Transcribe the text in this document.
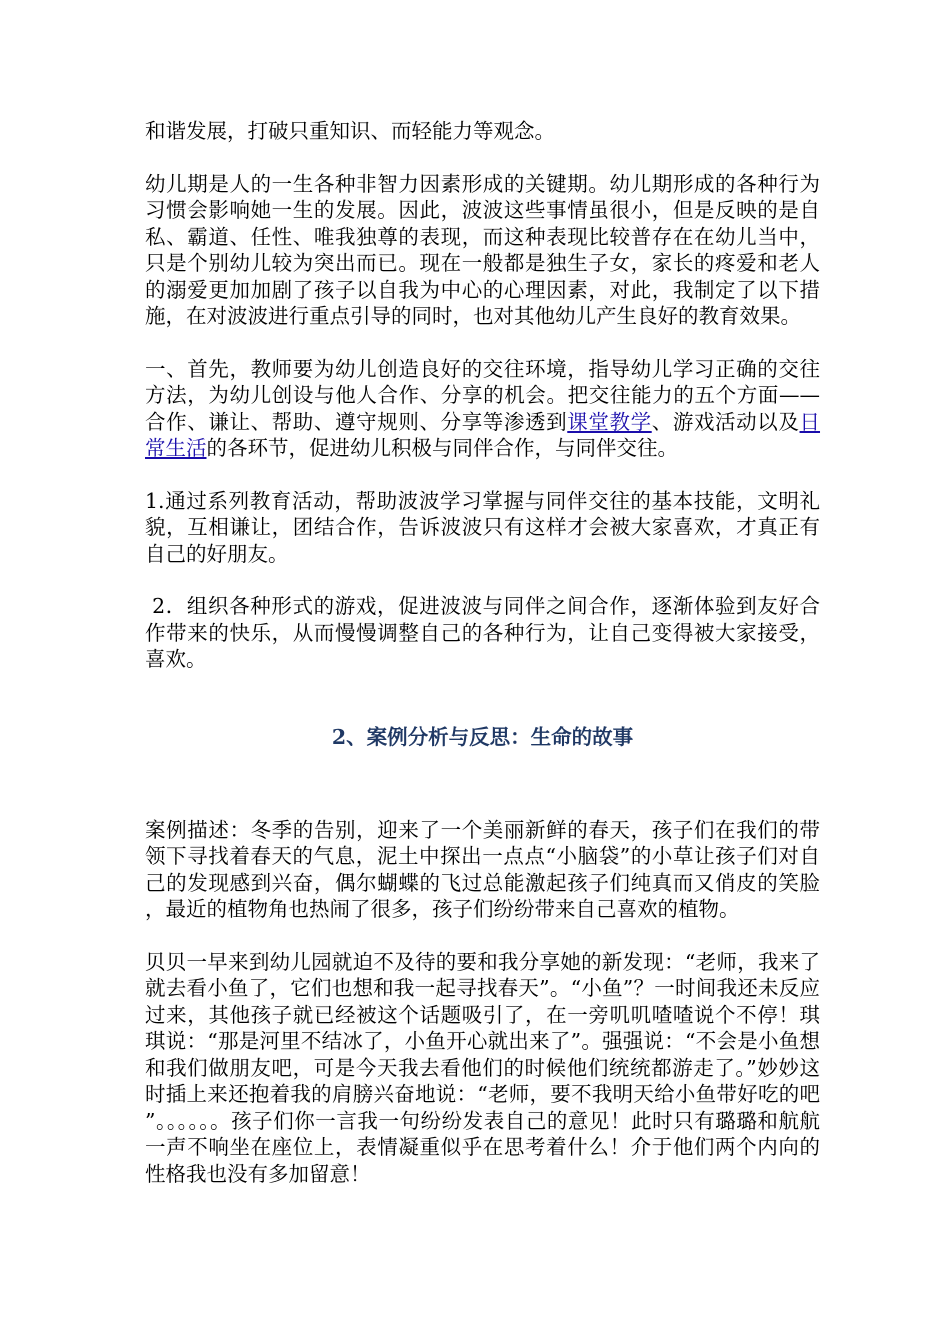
和谐发展，打破只重知识、而轻能力等观念。

幼儿期是人的一生各种非智力因素形成的关键期。幼儿期形成的各种行为习惯会影响她一生的发展。因此，波波这些事情虽很小，但是反映的是自私、霸道、任性、唯我独尊的表现，而这种表现比较普存在在幼儿当中，只是个别幼儿较为突出而已。现在一般都是独生子女，家长的疼爱和老人的溺爱更加加剧了孩子以自我为中心的心理因素，对此，我制定了以下措施，在对波波进行重点引导的同时，也对其他幼儿产生良好的教育效果。

一、首先，教师要为幼儿创造良好的交往环境，指导幼儿学习正确的交往方法，为幼儿创设与他人合作、分享的机会。把交往能力的五个方面——合作、谦让、帮助、遵守规则、分享等渗透到课堂教学、游戏活动以及日常生活的各环节，促进幼儿积极与同伴合作，与同伴交往。

1.通过系列教育活动，帮助波波学习掌握与同伴交往的基本技能，文明礼貌，互相谦让，团结合作，告诉波波只有这样才会被大家喜欢，才真正有自己的好朋友。

2．组织各种形式的游戏，促进波波与同伴之间合作，逐渐体验到友好合作带来的快乐，从而慢慢调整自己的各种行为，让自己变得被大家接受，喜欢。

2、案例分析与反思：生命的故事

案例描述：冬季的告别，迎来了一个美丽新鲜的春天，孩子们在我们的带领下寻找着春天的气息，泥土中探出一点点“小脑袋”的小草让孩子们对自己的发现感到兴奋，偶尔蝴蝶的飞过总能激起孩子们纯真而又俏皮的笑脸，最近的植物角也热闹了很多，孩子们纷纷带来自己喜欢的植物。

贝贝一早来到幼儿园就迫不及待的要和我分享她的新发现：“老师，我来了就去看小鱼了，它们也想和我一起寻找春天”。“小鱼”？一时间我还未反应过来，其他孩子就已经被这个话题吸引了，在一旁叽叽喳喳说个不停！琪琪说：“那是河里不结冰了，小鱼开心就出来了”。强强说：“不会是小鱼想和我们做朋友吧，可是今天我去看他们的时候他们统统都游走了。”妙妙这时插上来还抱着我的肩膀兴奋地说：“老师，要不我明天给小鱼带好吃的吧”。。。。。。孩子们你一言我一句纷纷发表自己的意见！此时只有璐璐和航航一声不响坐在座位上，表情凝重似乎在思考着什么！介于他们两个内向的性格我也没有多加留意！
